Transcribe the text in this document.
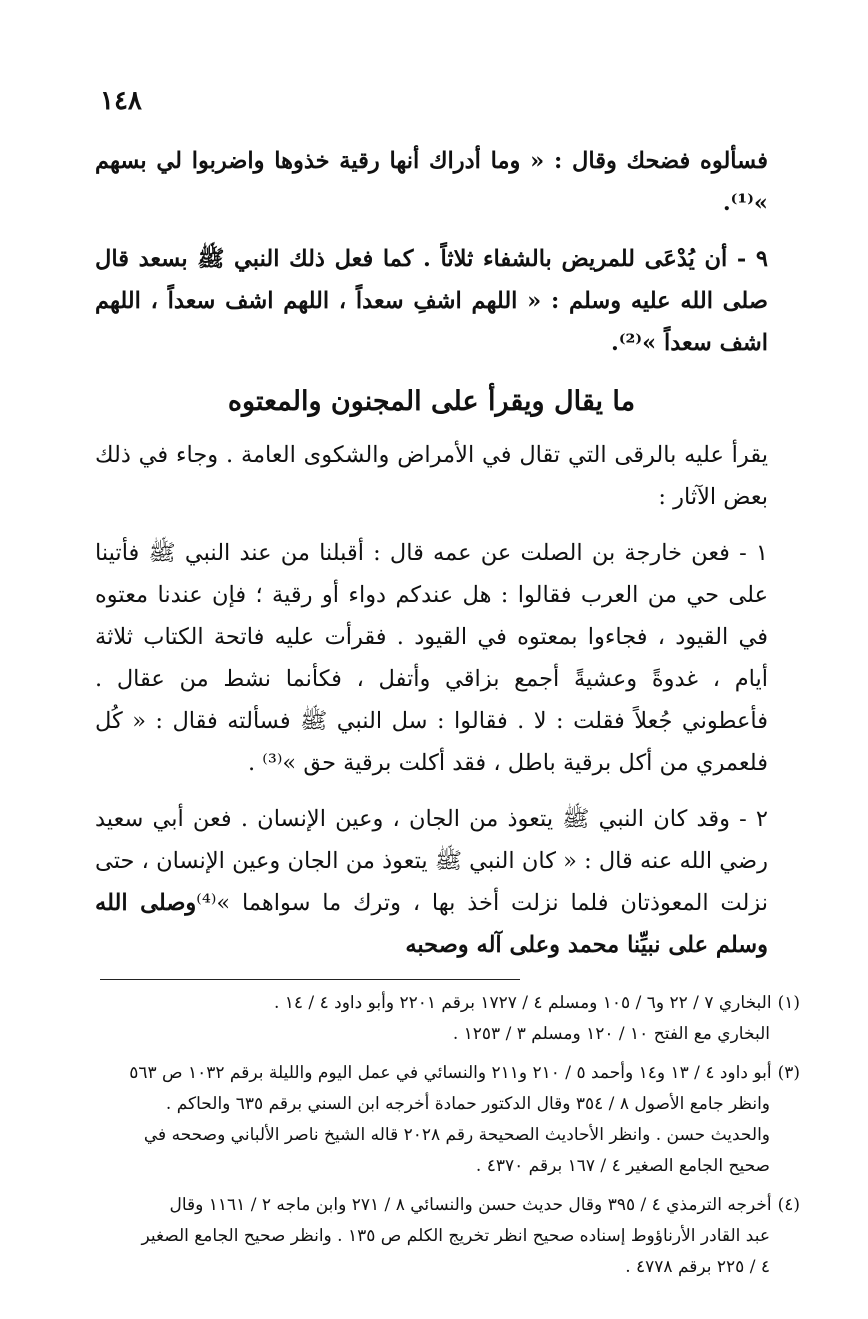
١٤٨

فسألوه فضحك وقال : « وما أدراك أنها رقية خذوها واضربوا لي بسهم »⁽¹⁾.

٩ - أن يُدْعَى للمريض بالشفاء ثلاثاً . كما فعل ذلك النبي ﷺ بسعد قال صلى الله عليه وسلم : « اللهم اشفِ سعداً ، اللهم اشف سعداً ، اللهم اشف سعداً »⁽²⁾.

ما يقال ويقرأ على المجنون والمعتوه

يقرأ عليه بالرقى التي تقال في الأمراض والشكوى العامة . وجاء في ذلك بعض الآثار :

١ - فعن خارجة بن الصلت عن عمه قال : أقبلنا من عند النبي ﷺ فأتينا على حي من العرب فقالوا : هل عندكم دواء أو رقية ؛ فإن عندنا معتوه في القيود ، فجاءوا بمعتوه في القيود . فقرأت عليه فاتحة الكتاب ثلاثة أيام ، غدوةً وعشيةً أجمع بزاقي وأتفل ، فكأنما نشط من عقال . فأعطوني جُعلاً فقلت : لا . فقالوا : سل النبي ﷺ فسألته فقال : « كُل فلعمري من أكل برقية باطل ، فقد أكلت برقية حق »⁽³⁾ .

٢ - وقد كان النبي ﷺ يتعوذ من الجان ، وعين الإنسان . فعن أبي سعيد رضي الله عنه قال : « كان النبي ﷺ يتعوذ من الجان وعين الإنسان ، حتى نزلت المعوذتان فلما نزلت أخذ بها ، وترك ما سواهما »⁽⁴⁾وصلى الله وسلم على نبيِّنا محمد وعلى آله وصحبه

(١)البخاري ٧ / ٢٢ و٦ / ١٠٥ ومسلم ٤ / ١٧٢٧ برقم ٢٢٠١ وأبو داود ٤ / ١٤ .
البخاري مع الفتح ١٠ / ١٢٠ ومسلم ٣ / ١٢٥٣ .
(٣)أبو داود ٤ / ١٣ و١٤ وأحمد ٥ / ٢١٠ و٢١١ والنسائي في عمل اليوم والليلة برقم ١٠٣٢ ص ٥٦٣
وانظر جامع الأصول ٨ / ٣٥٤ وقال الدكتور حمادة أخرجه ابن السني برقم ٦٣٥ والحاكم .
والحديث حسن . وانظر الأحاديث الصحيحة رقم ٢٠٢٨ قاله الشيخ ناصر الألباني وصححه في
صحيح الجامع الصغير ٤ / ١٦٧ برقم ٤٣٧٠ .
(٤)أخرجه الترمذي ٤ / ٣٩٥ وقال حديث حسن والنسائي ٨ / ٢٧١ وابن ماجه ٢ / ١١٦١ وقال
عبد القادر الأرناؤوط إسناده صحيح انظر تخريج الكلم ص ١٣٥ . وانظر صحيح الجامع الصغير
٤ / ٢٢٥ برقم ٤٧٧٨ .
